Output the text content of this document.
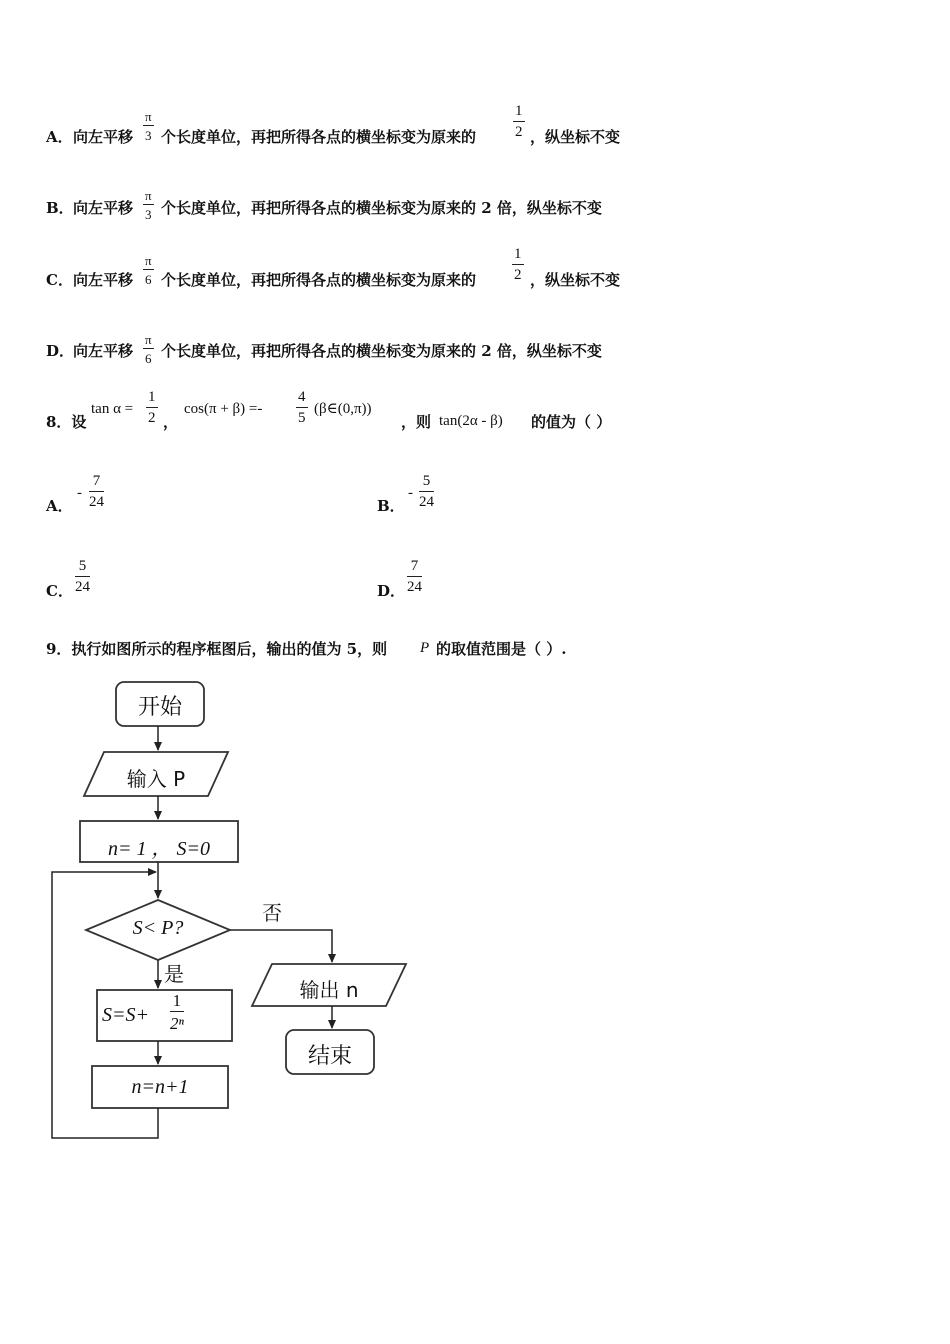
A． 向左平移 $\frac{\pi}{3}$ 个长度单位，再把所得各点的横坐标变为原来的 $\frac{1}{2}$ ，纵坐标不变
B． 向左平移 $\frac{\pi}{3}$ 个长度单位，再把所得各点的横坐标变为原来的 2 倍，纵坐标不变
C． 向左平移 $\frac{\pi}{6}$ 个长度单位，再把所得各点的横坐标变为原来的 $\frac{1}{2}$ ，纵坐标不变
D．
向左平移 $\frac{\pi}{6}$ 个长度单位，再把所得各点的横坐标变为原来的 2 倍，纵坐标不变
8．设
$\tan \alpha = \frac{1}{2}$ ，
$\cos(\pi + \beta) =- \frac{4}{5}$ (β∈(0,π))
，则 tan(2α - β) 的值为（ ）
A．
- $\frac{7}{24}$	B．
- $\frac{5}{24}$
C． $\frac{5}{24}$	D． $\frac{7}{24}$
9．执行如图所示的程序框图后，输出的值为 5，则 P 的取值范围是（ ）.
开始
输入 P
n= 1 ， S=0
S< P?
是
否
$S=S+ \frac{1}{\text{2ⁿ}}$
n=n+1
输出 n
结束
